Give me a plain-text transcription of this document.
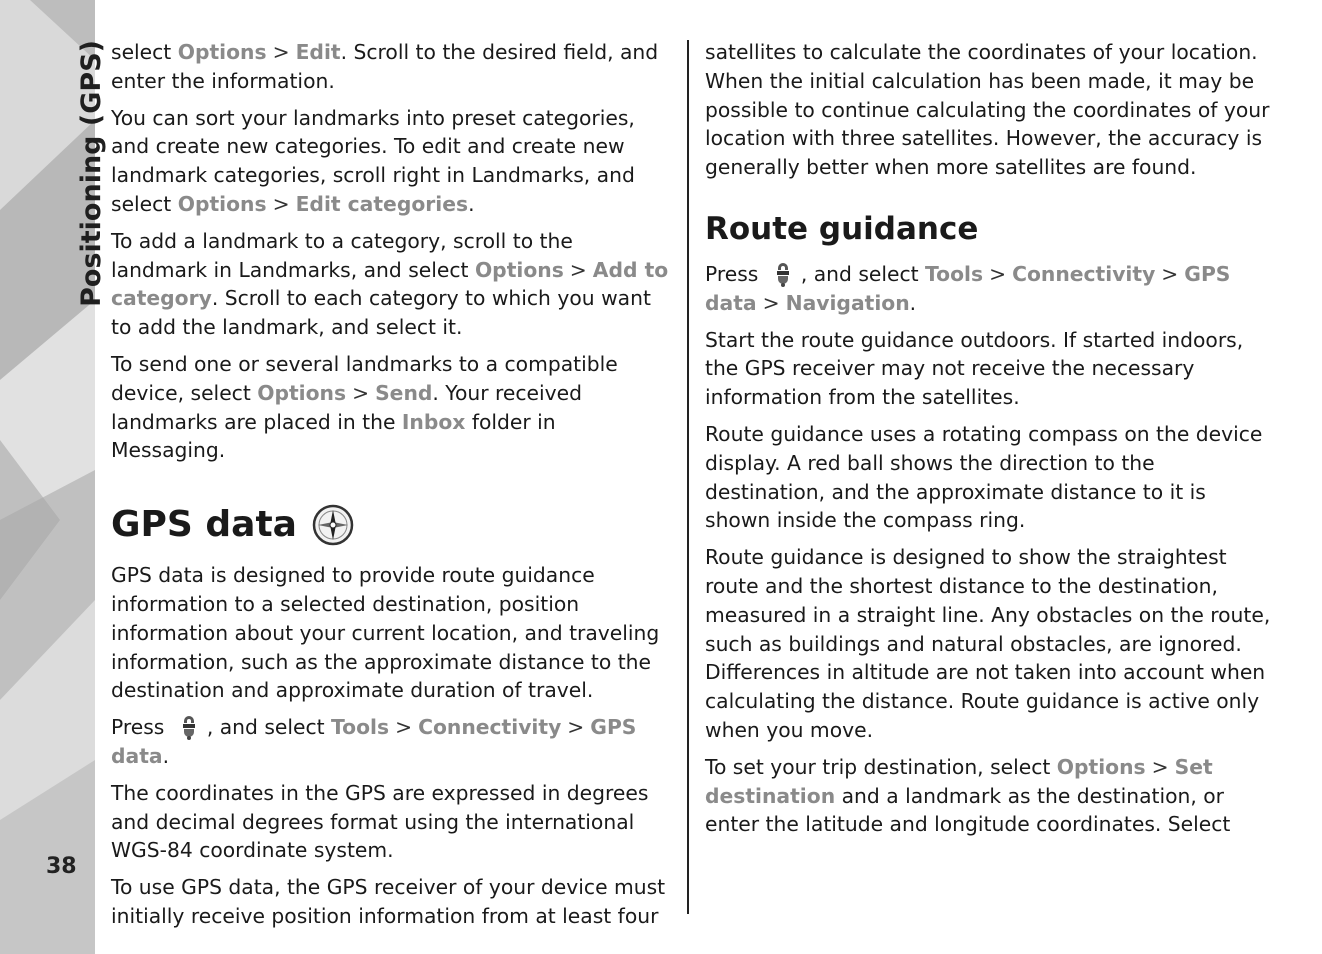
Positioning (GPS)
38

select Options > Edit. Scroll to the desired field, and enter the information.

You can sort your landmarks into preset categories, and create new categories. To edit and create new landmark categories, scroll right in Landmarks, and select Options > Edit categories.

To add a landmark to a category, scroll to the landmark in Landmarks, and select Options > Add to category. Scroll to each category to which you want to add the landmark, and select it.

To send one or several landmarks to a compatible device, select Options > Send. Your received landmarks are placed in the Inbox folder in Messaging.

GPS data

GPS data is designed to provide route guidance information to a selected destination, position information about your current location, and traveling information, such as the approximate distance to the destination and approximate duration of travel.

Press , and select Tools > Connectivity > GPS data.

The coordinates in the GPS are expressed in degrees and decimal degrees format using the international WGS-84 coordinate system.

To use GPS data, the GPS receiver of your device must initially receive position information from at least four

satellites to calculate the coordinates of your location. When the initial calculation has been made, it may be possible to continue calculating the coordinates of your location with three satellites. However, the accuracy is generally better when more satellites are found.

Route guidance

Press , and select Tools > Connectivity > GPS data > Navigation.

Start the route guidance outdoors. If started indoors, the GPS receiver may not receive the necessary information from the satellites.

Route guidance uses a rotating compass on the device display. A red ball shows the direction to the destination, and the approximate distance to it is shown inside the compass ring.

Route guidance is designed to show the straightest route and the shortest distance to the destination, measured in a straight line. Any obstacles on the route, such as buildings and natural obstacles, are ignored. Differences in altitude are not taken into account when calculating the distance. Route guidance is active only when you move.

To set your trip destination, select Options > Set destination and a landmark as the destination, or enter the latitude and longitude coordinates. Select
